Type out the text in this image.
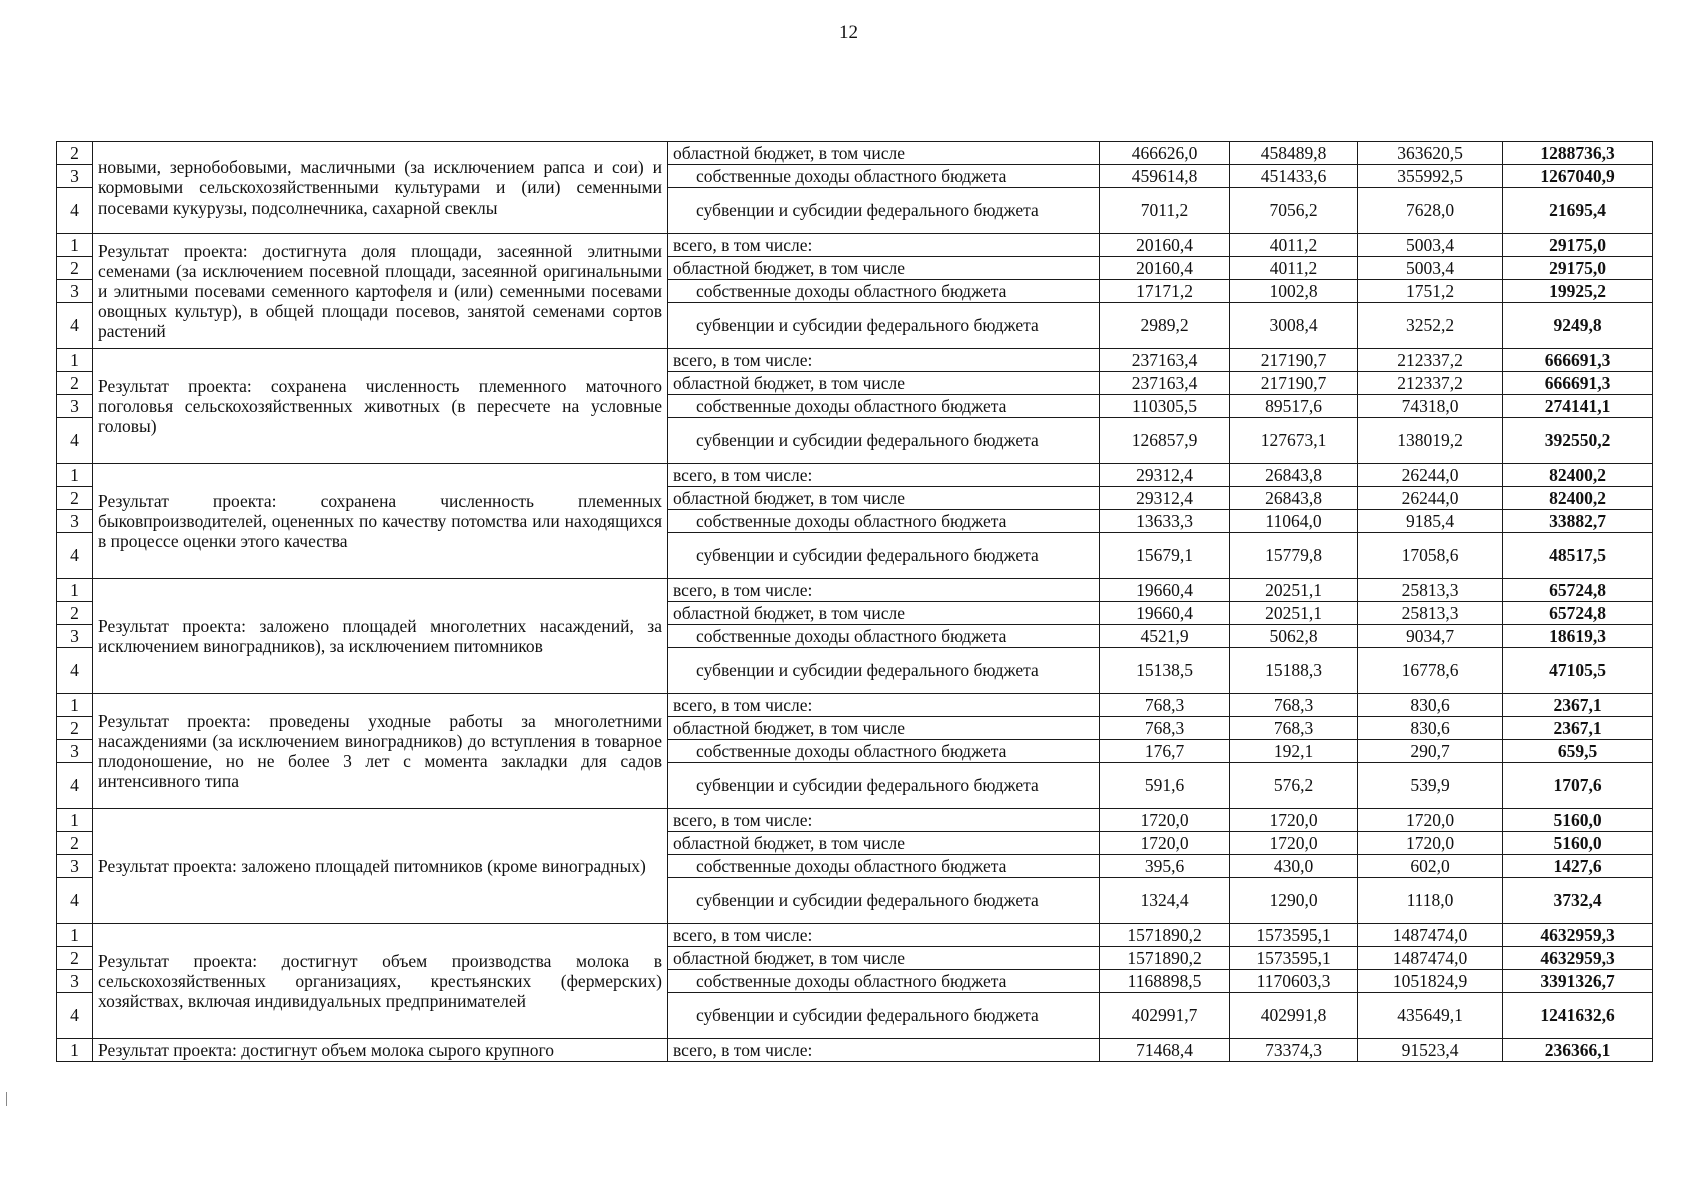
12
2	новыми, зернобобовыми, масличными (за исключением рапса и сои) и кормовыми сельскохозяйственными культурами и (или) семенными посевами кукурузы, подсолнечника, сахарной свеклы	областной бюджет, в том числе	466626,0	458489,8	363620,5	1288736,3
3		собственные доходы областного бюджета	459614,8	451433,6	355992,5	1267040,9
4		субвенции и субсидии федерального бюджета	7011,2	7056,2	7628,0	21695,4
1	Результат проекта: достигнута доля площади, засеянной элитными семенами (за исключением посевной площади, засеянной оригинальными и элитными посевами семенного картофеля и (или) семенными посевами овощных культур), в общей площади посевов, занятой семенами сортов растений	всего, в том числе:	20160,4	4011,2	5003,4	29175,0
2		областной бюджет, в том числе	20160,4	4011,2	5003,4	29175,0
3		собственные доходы областного бюджета	17171,2	1002,8	1751,2	19925,2
4		субвенции и субсидии федерального бюджета	2989,2	3008,4	3252,2	9249,8
1	Результат проекта: сохранена численность племенного маточного поголовья сельскохозяйственных животных (в пересчете на условные головы)	всего, в том числе:	237163,4	217190,7	212337,2	666691,3
2		областной бюджет, в том числе	237163,4	217190,7	212337,2	666691,3
3		собственные доходы областного бюджета	110305,5	89517,6	74318,0	274141,1
4		субвенции и субсидии федерального бюджета	126857,9	127673,1	138019,2	392550,2
1	Результат проекта: сохранена численность племенных быковпроизводителей, оцененных по качеству потомства или находящихся в процессе оценки этого качества	всего, в том числе:	29312,4	26843,8	26244,0	82400,2
2		областной бюджет, в том числе	29312,4	26843,8	26244,0	82400,2
3		собственные доходы областного бюджета	13633,3	11064,0	9185,4	33882,7
4		субвенции и субсидии федерального бюджета	15679,1	15779,8	17058,6	48517,5
1	Результат проекта: заложено площадей многолетних насаждений, за исключением виноградников), за исключением питомников	всего, в том числе:	19660,4	20251,1	25813,3	65724,8
2		областной бюджет, в том числе	19660,4	20251,1	25813,3	65724,8
3		собственные доходы областного бюджета	4521,9	5062,8	9034,7	18619,3
4		субвенции и субсидии федерального бюджета	15138,5	15188,3	16778,6	47105,5
1	Результат проекта: проведены уходные работы за многолетними насаждениями (за исключением виноградников) до вступления в товарное плодоношение, но не более 3 лет с момента закладки для садов интенсивного типа	всего, в том числе:	768,3	768,3	830,6	2367,1
2		областной бюджет, в том числе	768,3	768,3	830,6	2367,1
3		собственные доходы областного бюджета	176,7	192,1	290,7	659,5
4		субвенции и субсидии федерального бюджета	591,6	576,2	539,9	1707,6
1	Результат проекта: заложено площадей питомников (кроме виноградных)	всего, в том числе:	1720,0	1720,0	1720,0	5160,0
2		областной бюджет, в том числе	1720,0	1720,0	1720,0	5160,0
3		собственные доходы областного бюджета	395,6	430,0	602,0	1427,6
4		субвенции и субсидии федерального бюджета	1324,4	1290,0	1118,0	3732,4
1	Результат проекта: достигнут объем производства молока в сельскохозяйственных организациях, крестьянских (фермерских) хозяйствах, включая индивидуальных предпринимателей	всего, в том числе:	1571890,2	1573595,1	1487474,0	4632959,3
2		областной бюджет, в том числе	1571890,2	1573595,1	1487474,0	4632959,3
3		собственные доходы областного бюджета	1168898,5	1170603,3	1051824,9	3391326,7
4		субвенции и субсидии федерального бюджета	402991,7	402991,8	435649,1	1241632,6
1	Результат проекта: достигнут объем молока сырого крупного	всего, в том числе:	71468,4	73374,3	91523,4	236366,1
